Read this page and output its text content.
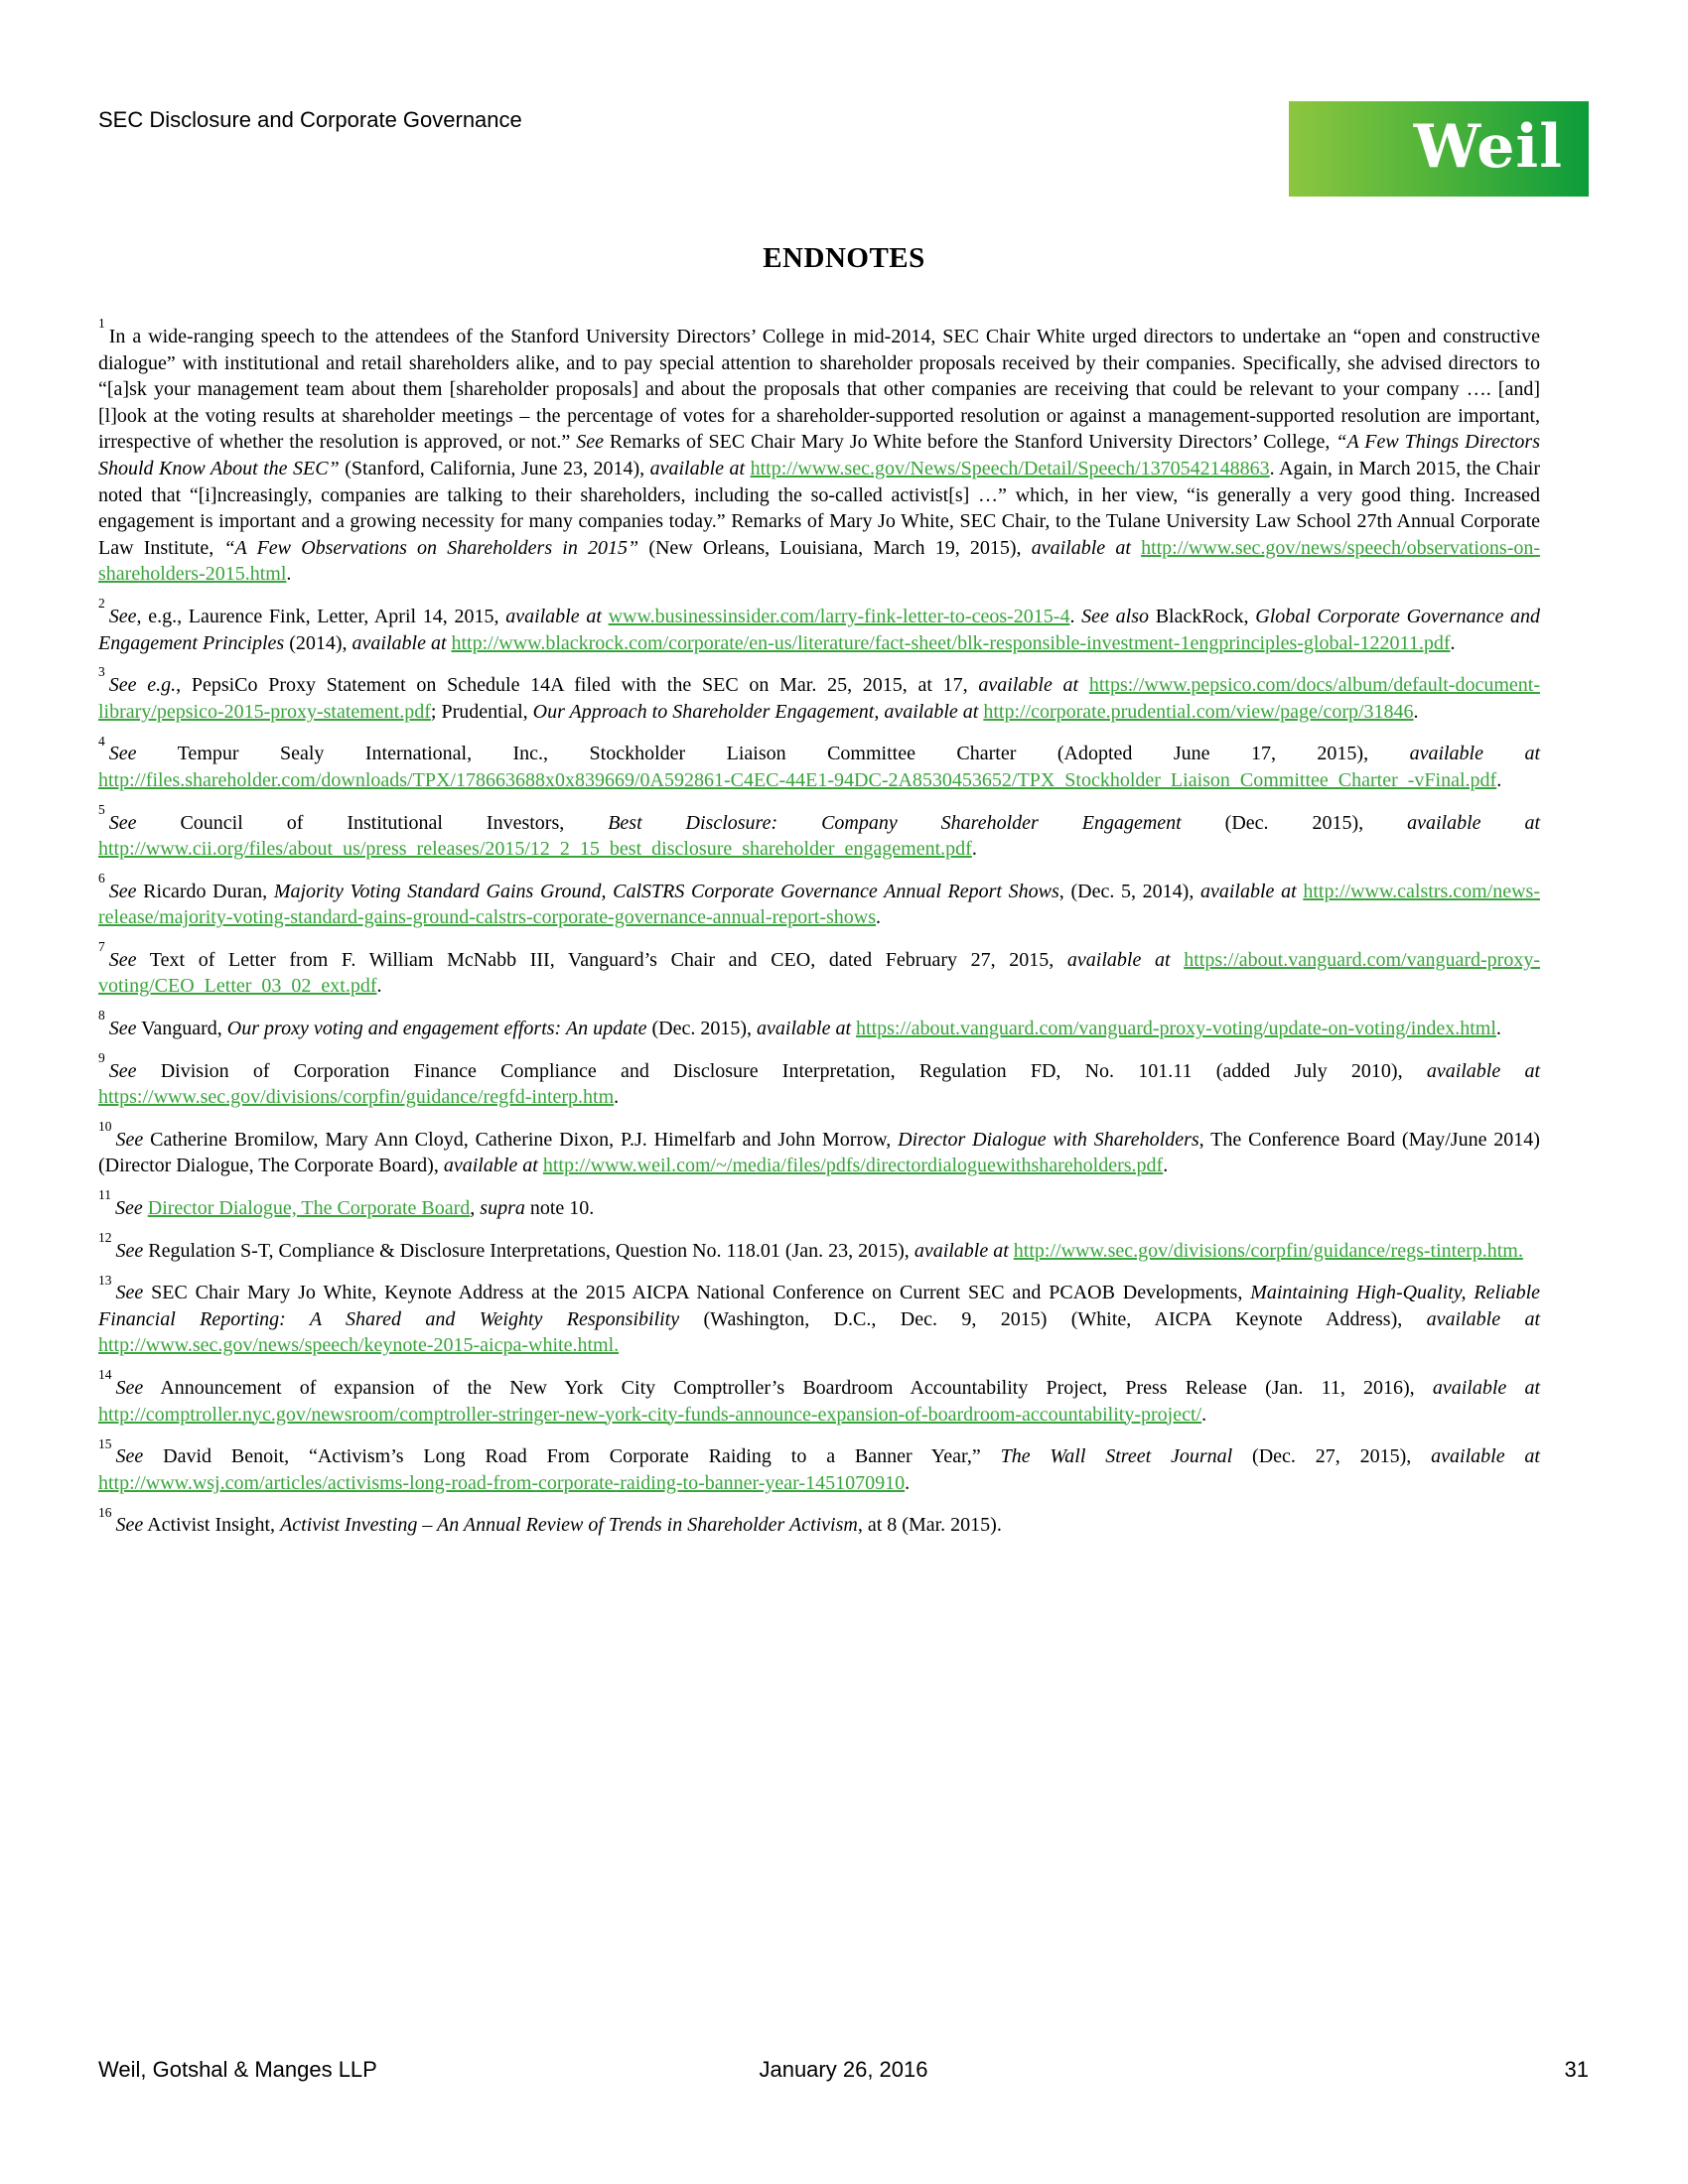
SEC Disclosure and Corporate Governance	Weil
ENDNOTES

$^1$In a wide-ranging speech to the attendees of the Stanford University Directors’ College in mid-2014, SEC Chair White urged directors to undertake an “open and constructive dialogue” with institutional and retail shareholders alike, and to pay special attention to shareholder proposals received by their companies. Specifically, she advised directors to “[a]sk your management team about them [shareholder proposals] and about the proposals that other companies are receiving that could be relevant to your company …. [and] [l]ook at the voting results at shareholder meetings – the percentage of votes for a shareholder-supported resolution or against a management-supported resolution are important, irrespective of whether the resolution is approved, or not.” See Remarks of SEC Chair Mary Jo White before the Stanford University Directors’ College, “A Few Things Directors Should Know About the SEC” (Stanford, California, June 23, 2014), available at http://www.sec.gov/News/Speech/Detail/Speech/1370542148863. Again, in March 2015, the Chair noted that “[i]ncreasingly, companies are talking to their shareholders, including the so-called activist[s] …” which, in her view, “is generally a very good thing. Increased engagement is important and a growing necessity for many companies today.” Remarks of Mary Jo White, SEC Chair, to the Tulane University Law School 27th Annual Corporate Law Institute, “A Few Observations on Shareholders in 2015” (New Orleans, Louisiana, March 19, 2015), available at http://www.sec.gov/news/speech/observations-on-shareholders-2015.html.

$^2$See, e.g., Laurence Fink, Letter, April 14, 2015, available at www.businessinsider.com/larry-fink-letter-to-ceos-2015-4. See also BlackRock, Global Corporate Governance and Engagement Principles (2014), available at http://www.blackrock.com/corporate/en-us/literature/fact-sheet/blk-responsible-investment-1engprinciples-global-122011.pdf.

$^3$See e.g., PepsiCo Proxy Statement on Schedule 14A filed with the SEC on Mar. 25, 2015, at 17, available at https://www.pepsico.com/docs/album/default-document-library/pepsico-2015-proxy-statement.pdf; Prudential, Our Approach to Shareholder Engagement, available at http://corporate.prudential.com/view/page/corp/31846.

$^4$See Tempur Sealy International, Inc., Stockholder Liaison Committee Charter (Adopted June 17, 2015), available at http://files.shareholder.com/downloads/TPX/178663688x0x839669/0A592861-C4EC-44E1-94DC-2A8530453652/TPX_Stockholder_Liaison_Committee_Charter_-vFinal.pdf.

$^5$See Council of Institutional Investors, Best Disclosure: Company Shareholder Engagement (Dec. 2015), available at http://www.cii.org/files/about_us/press_releases/2015/12_2_15_best_disclosure_shareholder_engagement.pdf.

$^6$See Ricardo Duran, Majority Voting Standard Gains Ground, CalSTRS Corporate Governance Annual Report Shows, (Dec. 5, 2014), available at http://www.calstrs.com/news-release/majority-voting-standard-gains-ground-calstrs-corporate-governance-annual-report-shows.

$^7$See Text of Letter from F. William McNabb III, Vanguard’s Chair and CEO, dated February 27, 2015, available at https://about.vanguard.com/vanguard-proxy-voting/CEO_Letter_03_02_ext.pdf.

$^8$See Vanguard, Our proxy voting and engagement efforts: An update (Dec. 2015), available at https://about.vanguard.com/vanguard-proxy-voting/update-on-voting/index.html.

$^9$See Division of Corporation Finance Compliance and Disclosure Interpretation, Regulation FD, No. 101.11 (added July 2010), available at https://www.sec.gov/divisions/corpfin/guidance/regfd-interp.htm.

$^{10}$See Catherine Bromilow, Mary Ann Cloyd, Catherine Dixon, P.J. Himelfarb and John Morrow, Director Dialogue with Shareholders, The Conference Board (May/June 2014) (Director Dialogue, The Corporate Board), available at http://www.weil.com/~/media/files/pdfs/directordialoguewithshareholders.pdf.

$^{11}$See Director Dialogue, The Corporate Board, supra note 10.

$^{12}$See Regulation S-T, Compliance & Disclosure Interpretations, Question No. 118.01 (Jan. 23, 2015), available at http://www.sec.gov/divisions/corpfin/guidance/regs-tinterp.htm.

$^{13}$See SEC Chair Mary Jo White, Keynote Address at the 2015 AICPA National Conference on Current SEC and PCAOB Developments, Maintaining High-Quality, Reliable Financial Reporting: A Shared and Weighty Responsibility (Washington, D.C., Dec. 9, 2015) (White, AICPA Keynote Address), available at http://www.sec.gov/news/speech/keynote-2015-aicpa-white.html.

$^{14}$See Announcement of expansion of the New York City Comptroller’s Boardroom Accountability Project, Press Release (Jan. 11, 2016), available at http://comptroller.nyc.gov/newsroom/comptroller-stringer-new-york-city-funds-announce-expansion-of-boardroom-accountability-project/.

$^{15}$See David Benoit, “Activism’s Long Road From Corporate Raiding to a Banner Year,” The Wall Street Journal (Dec. 27, 2015), available at http://www.wsj.com/articles/activisms-long-road-from-corporate-raiding-to-banner-year-1451070910.

$^{16}$See Activist Insight, Activist Investing – An Annual Review of Trends in Shareholder Activism, at 8 (Mar. 2015).

Weil, Gotshal & Manges LLP	January 26, 2016	31
